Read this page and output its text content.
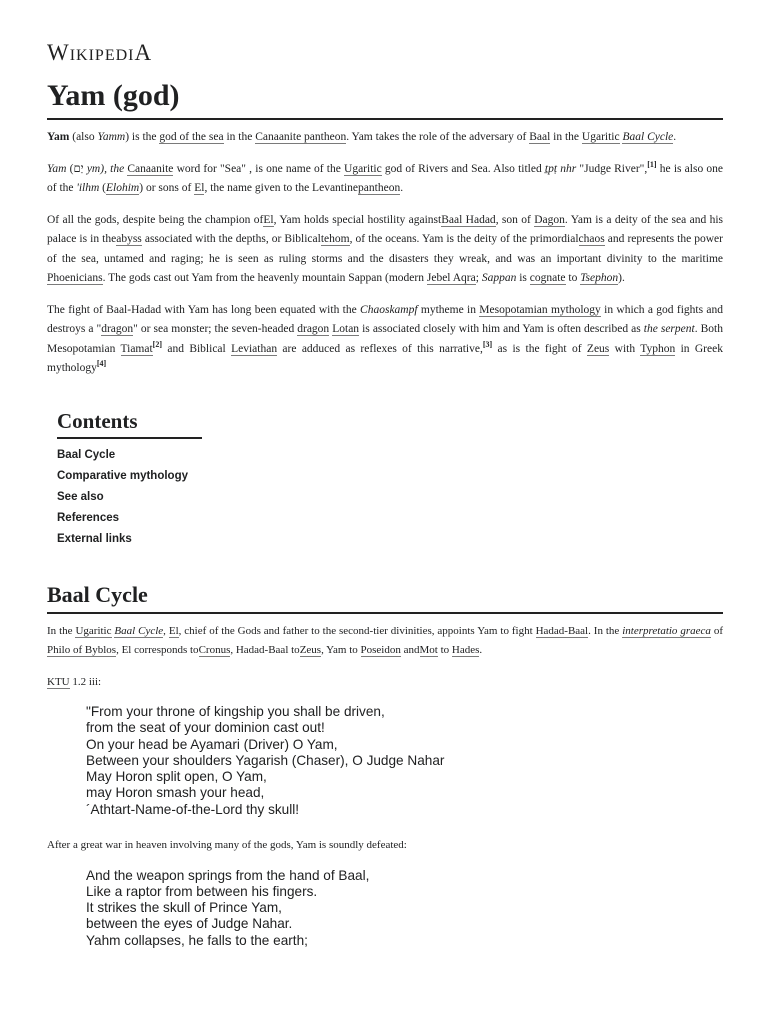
WikipediA
Yam (god)

Yam (also Yamm) is the god of the sea in the Canaanite pantheon. Yam takes the role of the adversary of Baal in the Ugaritic Baal Cycle.

Yam (יַם ym), the Canaanite word for "Sea" , is one name of the Ugaritic god of Rivers and Sea. Also titled ṯpṭ nhr "Judge River",[1] he is also one of the 'ilhm (Elohim) or sons of El, the name given to the Levantinepantheon.

Of all the gods, despite being the champion ofEl, Yam holds special hostility againstBaal Hadad, son of Dagon. Yam is a deity of the sea and his palace is in theabyss associated with the depths, or Biblicaltehom, of the oceans. Yam is the deity of the primordialchaos and represents the power of the sea, untamed and raging; he is seen as ruling storms and the disasters they wreak, and was an important divinity to the maritime Phoenicians. The gods cast out Yam from the heavenly mountain Sappan (modern Jebel Aqra; Sappan is cognate to Tsephon).

The fight of Baal-Hadad with Yam has long been equated with the Chaoskampf mytheme in Mesopotamian mythology in which a god fights and destroys a "dragon" or sea monster; the seven-headed dragon Lotan is associated closely with him and Yam is often described as the serpent. Both Mesopotamian Tiamat[2] and Biblical Leviathan are adduced as reflexes of this narrative,[3] as is the fight of Zeus with Typhon in Greek mythology[4]

Contents
Baal Cycle
Comparative mythology
See also
References
External links
Baal Cycle

In the Ugaritic Baal Cycle, El, chief of the Gods and father to the second-tier divinities, appoints Yam to fight Hadad-Baal. In the interpretatio graeca of Philo of Byblos, El corresponds toCronus, Hadad-Baal toZeus, Yam to Poseidon andMot to Hades.

KTU 1.2 iii:

"From your throne of kingship you shall be driven,
from the seat of your dominion cast out!
On your head be Ayamari (Driver) O Yam,
Between your shoulders Yagarish (Chaser), O Judge Nahar
May Horon split open, O Yam,
may Horon smash your head,
´Athtart-Name-of-the-Lord thy skull!

After a great war in heaven involving many of the gods, Yam is soundly defeated:

And the weapon springs from the hand of Baal,
Like a raptor from between his fingers.
It strikes the skull of Prince Yam,
between the eyes of Judge Nahar.
Yahm collapses, he falls to the earth;
